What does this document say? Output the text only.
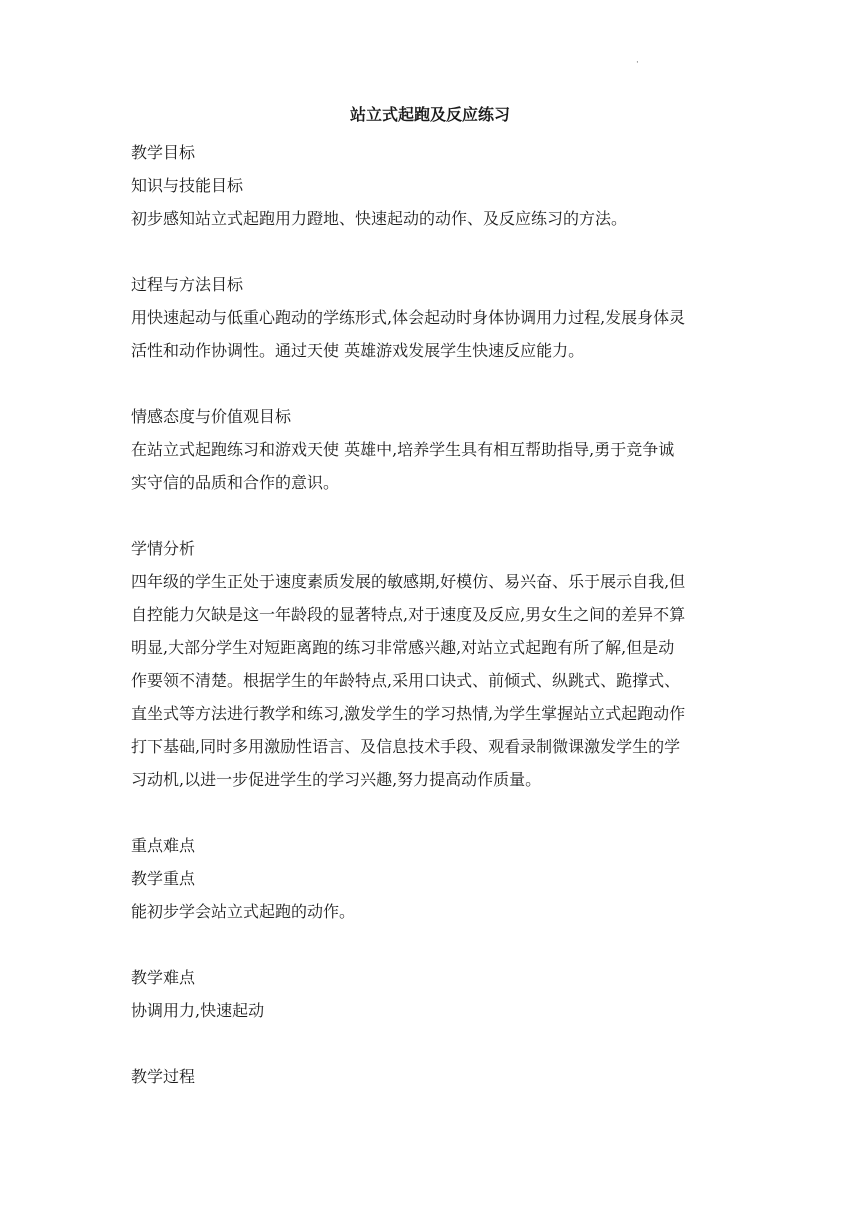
·
站立式起跑及反应练习
教学目标
知识与技能目标
初步感知站立式起跑用力蹬地、快速起动的动作、及反应练习的方法。
过程与方法目标
用快速起动与低重心跑动的学练形式,体会起动时身体协调用力过程,发展身体灵
活性和动作协调性。通过天使 英雄游戏发展学生快速反应能力。
情感态度与价值观目标
在站立式起跑练习和游戏天使 英雄中,培养学生具有相互帮助指导,勇于竞争诚
实守信的品质和合作的意识。
学情分析
四年级的学生正处于速度素质发展的敏感期,好模仿、易兴奋、乐于展示自我,但
自控能力欠缺是这一年龄段的显著特点,对于速度及反应,男女生之间的差异不算
明显,大部分学生对短距离跑的练习非常感兴趣,对站立式起跑有所了解,但是动
作要领不清楚。根据学生的年龄特点,采用口诀式、前倾式、纵跳式、跪撑式、
直坐式等方法进行教学和练习,激发学生的学习热情,为学生掌握站立式起跑动作
打下基础,同时多用激励性语言、及信息技术手段、观看录制微课激发学生的学
习动机,以进一步促进学生的学习兴趣,努力提高动作质量。
重点难点
教学重点
能初步学会站立式起跑的动作。
教学难点
协调用力,快速起动
教学过程
